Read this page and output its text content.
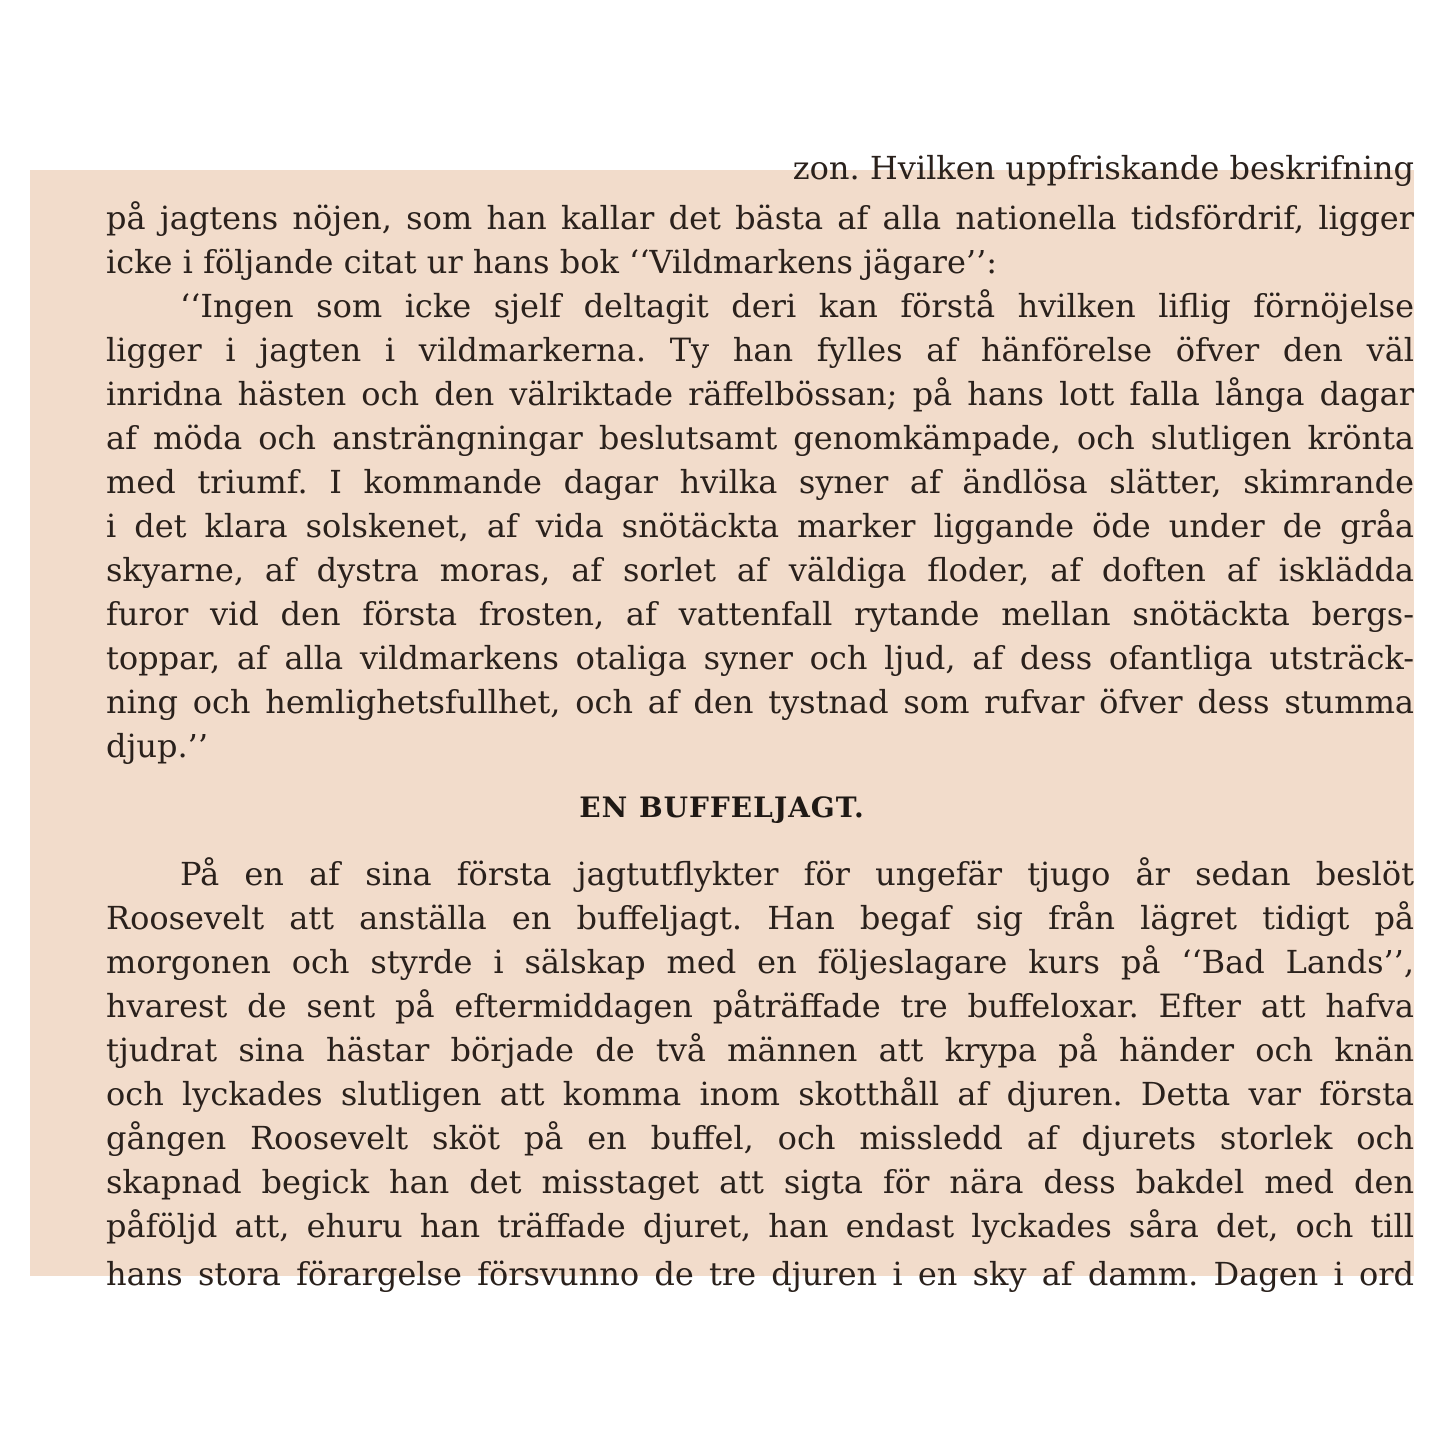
zon. Hvilken uppfriskande beskrifning
på jagtens nöjen, som han kallar det bästa af alla nationella tidsfördrif, ligger
icke i följande citat ur hans bok ‘‘Vildmarkens jägare’’:
‘‘Ingen som icke sjelf deltagit deri kan förstå hvilken liflig förnöjelse
ligger i jagten i vildmarkerna. Ty han fylles af hänförelse öfver den väl
inridna hästen och den välriktade räffelbössan; på hans lott falla långa dagar
af möda och ansträngningar beslutsamt genomkämpade, och slutligen krönta
med triumf. I kommande dagar hvilka syner af ändlösa slätter, skimrande
i det klara solskenet, af vida snötäckta marker liggande öde under de gråa
skyarne, af dystra moras, af sorlet af väldiga floder, af doften af isklädda
furor vid den första frosten, af vattenfall rytande mellan snötäckta bergs-
toppar, af alla vildmarkens otaliga syner och ljud, af dess ofantliga utsträck-
ning och hemlighetsfullhet, och af den tystnad som rufvar öfver dess stumma
djup.’’
EN BUFFELJAGT.
På en af sina första jagtutflykter för ungefär tjugo år sedan beslöt
Roosevelt att anställa en buffeljagt. Han begaf sig från lägret tidigt på
morgonen och styrde i sälskap med en följeslagare kurs på ‘‘Bad Lands’’,
hvarest de sent på eftermiddagen påträffade tre buffeloxar. Efter att hafva
tjudrat sina hästar började de två männen att krypa på händer och knän
och lyckades slutligen att komma inom skotthåll af djuren. Detta var första
gången Roosevelt sköt på en buffel, och missledd af djurets storlek och
skapnad begick han det misstaget att sigta för nära dess bakdel med den
påföljd att, ehuru han träffade djuret, han endast lyckades såra det, och till
hans stora förargelse försvunno de tre djuren i en sky af damm. Dagen i ord
